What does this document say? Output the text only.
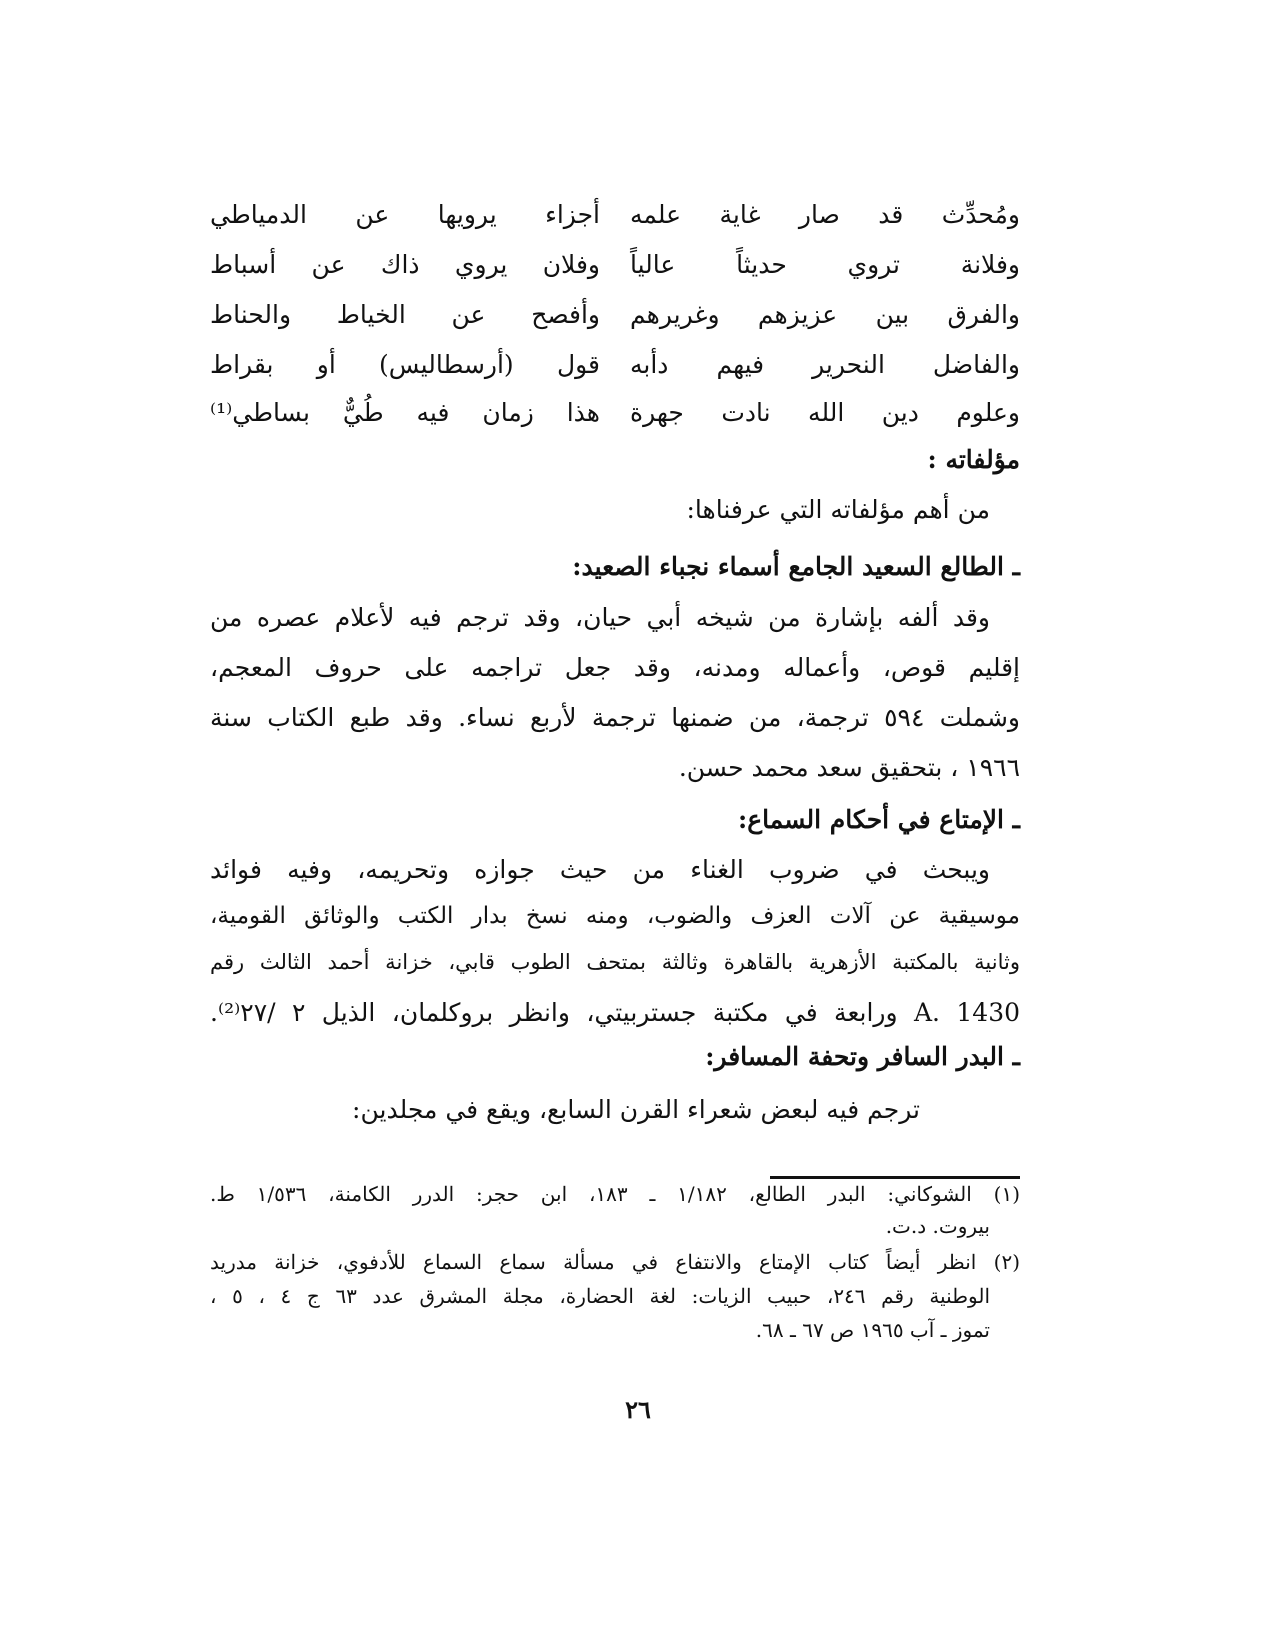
ومُحدِّث قد صار غاية علمه
أجزاء يرويها عن الدمياطي
وفلانة تروي حديثاً عالياً
وفلان يروي ذاك عن أسباط
والفرق بين عزيزهم وغريرهم
وأفصح عن الخياط والحناط
والفاضل النحرير فيهم دأبه
قول (أرسطاليس) أو بقراط
وعلوم دين الله نادت جهرة
هذا زمان فيه طُيٌّ بساطي⁽¹⁾
مؤلفاته :
من أهم مؤلفاته التي عرفناها:
ـ الطالع السعيد الجامع أسماء نجباء الصعيد:
وقد ألفه بإشارة من شيخه أبي حيان، وقد ترجم فيه لأعلام عصره من
إقليم قوص، وأعماله ومدنه، وقد جعل تراجمه على حروف المعجم،
وشملت ٥٩٤ ترجمة، من ضمنها ترجمة لأربع نساء. وقد طبع الكتاب سنة
١٩٦٦ ، بتحقيق سعد محمد حسن.
ـ الإمتاع في أحكام السماع:
ويبحث في ضروب الغناء من حيث جوازه وتحريمه، وفيه فوائد
موسيقية عن آلات العزف والضوب، ومنه نسخ بدار الكتب والوثائق القومية،
وثانية بالمكتبة الأزهرية بالقاهرة وثالثة بمتحف الطوب قابي، خزانة أحمد الثالث رقم
A. 1430 ورابعة في مكتبة جستربيتي، وانظر بروكلمان، الذيل ٢ /٢٧⁽²⁾.
ـ البدر السافر وتحفة المسافر:
ترجم فيه لبعض شعراء القرن السابع، ويقع في مجلدين:
(١) الشوكاني: البدر الطالع، ١/١٨٢ ـ ١٨٣، ابن حجر: الدرر الكامنة، ١/٥٣٦ ط.
بيروت. د.ت.
(٢) انظر أيضاً كتاب الإمتاع والانتفاع في مسألة سماع السماع للأدفوي، خزانة مدريد
الوطنية رقم ٢٤٦، حبيب الزيات: لغة الحضارة، مجلة المشرق عدد ٦٣ ج ٤ ، ٥ ،
تموز ـ آب ١٩٦٥ ص ٦٧ ـ ٦٨.
٢٦
